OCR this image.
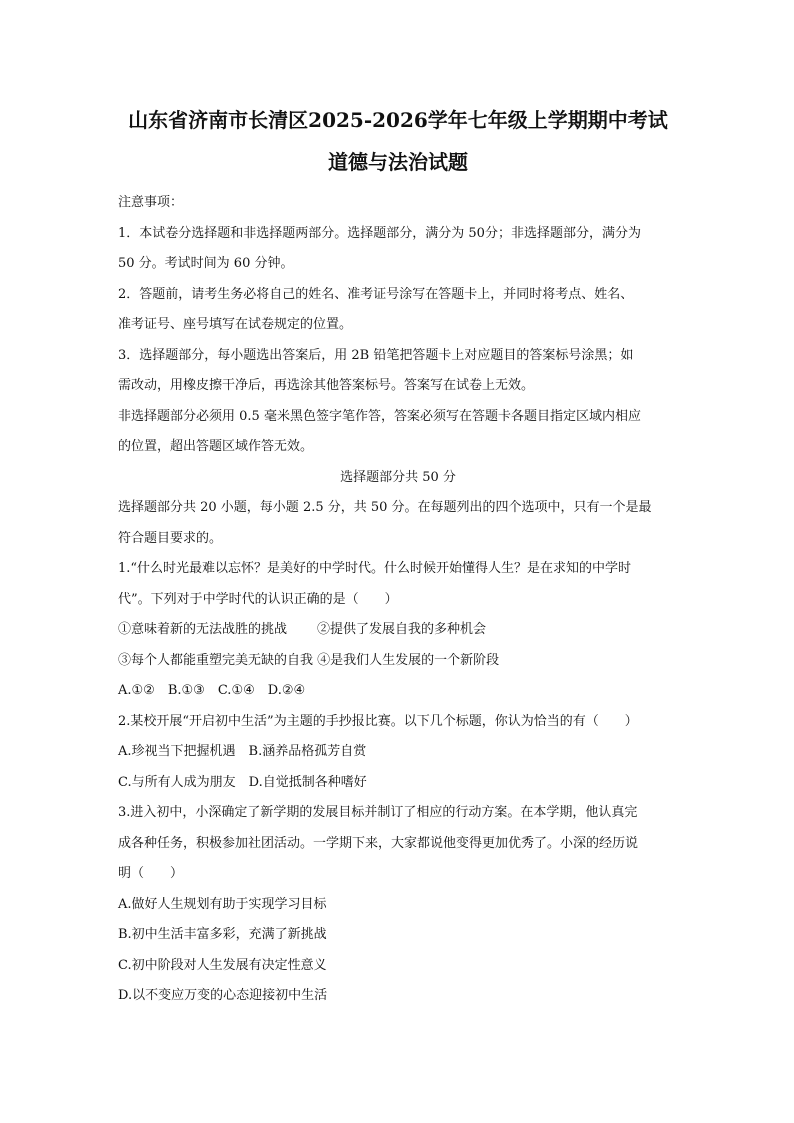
山东省济南市长清区2025-2026学年七年级上学期期中考试
道德与法治试题
注意事项：
1．本试卷分选择题和非选择题两部分。选择题部分，满分为 50分；非选择题部分，满分为
50 分。考试时间为 60 分钟。
2．答题前，请考生务必将自己的姓名、准考证号涂写在答题卡上，并同时将考点、姓名、
准考证号、座号填写在试卷规定的位置。
3．选择题部分，每小题选出答案后，用 2B 铅笔把答题卡上对应题目的答案标号涂黑；如
需改动，用橡皮擦干净后，再选涂其他答案标号。答案写在试卷上无效。
非选择题部分必须用 0.5 毫米黑色签字笔作答，答案必须写在答题卡各题目指定区域内相应
的位置，超出答题区域作答无效。
选择题部分共 50 分
选择题部分共 20 小题，每小题 2.5 分，共 50 分。在每题列出的四个选项中，只有一个是最
符合题目要求的。
1.“什么时光最难以忘怀？是美好的中学时代。什么时候开始懂得人生？是在求知的中学时
代”。下列对于中学时代的认识正确的是（　　）
①意味着新的无法战胜的挑战 ②提供了发展自我的多种机会
③每个人都能重塑完美无缺的自我 ④是我们人生发展的一个新阶段
A.①②　B.①③　C.①④　D.②④
2.某校开展“开启初中生活”为主题的手抄报比赛。以下几个标题，你认为恰当的有（　　）
A.珍视当下把握机遇　 B.涵养品格孤芳自赏
C.与所有人成为朋友　 D.自觉抵制各种嗜好
3.进入初中，小深确定了新学期的发展目标并制订了相应的行动方案。在本学期，他认真完
成各种任务，积极参加社团活动。一学期下来，大家都说他变得更加优秀了。小深的经历说
明（　　）
A.做好人生规划有助于实现学习目标
B.初中生活丰富多彩，充满了新挑战
C.初中阶段对人生发展有决定性意义
D.以不变应万变的心态迎接初中生活
